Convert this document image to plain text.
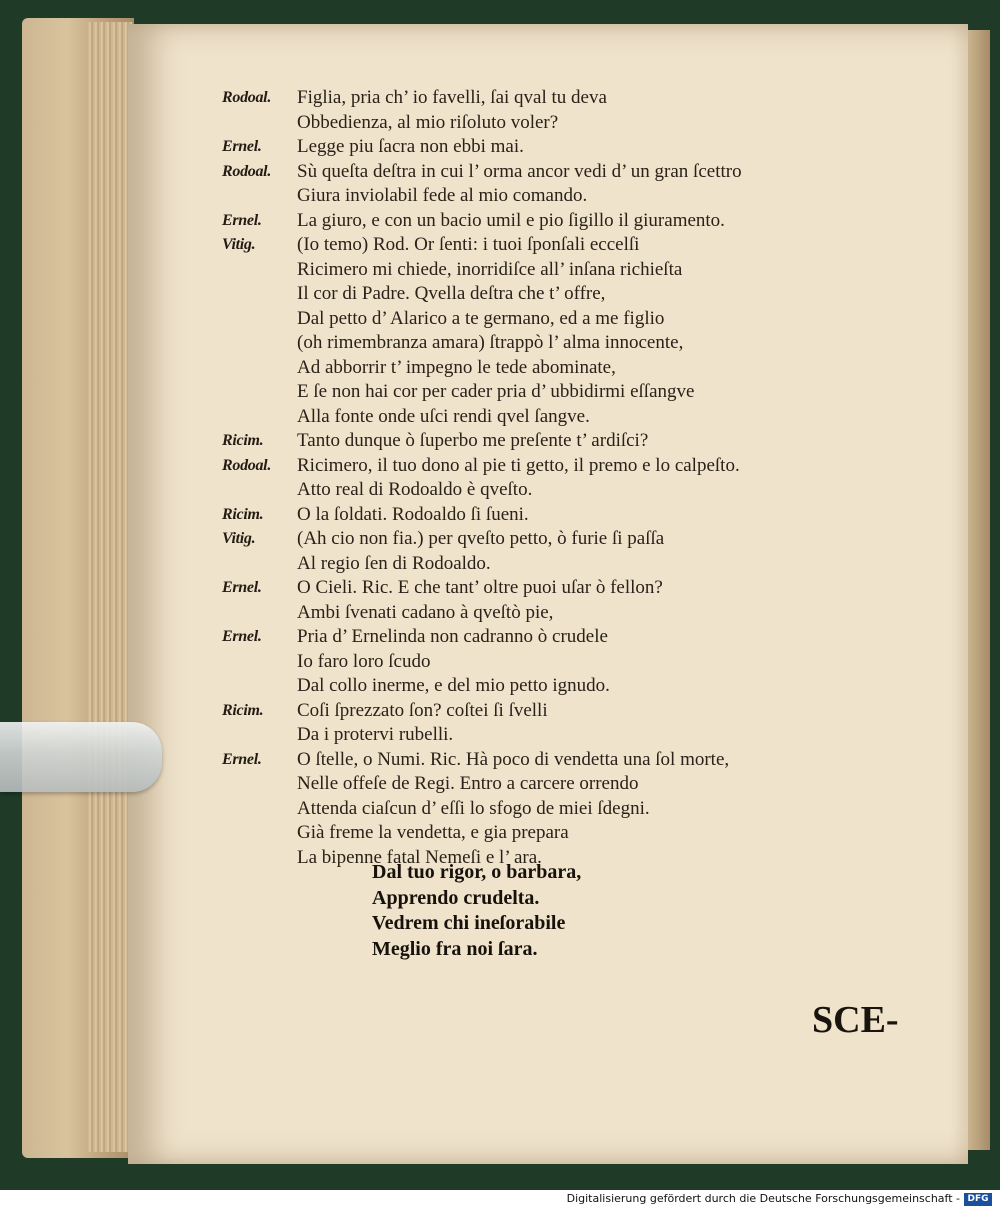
Rodoal. Figlia, pria ch’ io favelli, ſai qval tu deva
Obbedienza, al mio riſoluto voler?
Ernel. Legge piu ſacra non ebbi mai.
Rodoal. Sù queſta deſtra in cui l’ orma ancor vedi d’ un gran ſcettro
Giura inviolabil fede al mio comando.
Ernel. La giuro, e con un bacio umil e pio ſigillo il giuramento.
Vitig. (Io temo) Rod. Or ſenti: i tuoi ſponſali eccelſi
Ricimero mi chiede, inorridiſce all’ inſana richieſta
Il cor di Padre. Qvella deſtra che t’ offre,
Dal petto d’ Alarico a te germano, ed a me figlio
(oh rimembranza amara) ſtrappò l’ alma innocente,
Ad abborrir t’ impegno le tede abominate,
E ſe non hai cor per cader pria d’ ubbidirmi eſſangve
Alla fonte onde uſci rendi qvel ſangve.
Ricim. Tanto dunque ò ſuperbo me preſente t’ ardiſci?
Rodoal. Ricimero, il tuo dono al pie ti getto, il premo e lo calpeſto.
Atto real di Rodoaldo è qveſto.
Ricim. O la ſoldati. Rodoaldo ſi ſueni.
Vitig. (Ah cio non fia.) per qveſto petto, ò furie ſi paſſa
Al regio ſen di Rodoaldo.
Ernel. O Cieli. Ric. E che tant’ oltre puoi uſar ò fellon?
Ambi ſvenati cadano à qveſtò pie,
Ernel. Pria d’ Ernelinda non cadranno ò crudele
Io faro loro ſcudo
Dal collo inerme, e del mio petto ignudo.
Ricim. Coſi ſprezzato ſon? coſtei ſi ſvelli
Da i protervi rubelli.
Ernel. O ſtelle, o Numi. Ric. Hà poco di vendetta una ſol morte,
Nelle offeſe de Regi. Entro a carcere orrendo
Attenda ciaſcun d’ eſſi lo sfogo de miei ſdegni.
Già freme la vendetta, e gia prepara
La bipenne fatal Nemeſi e l’ ara.
Dal tuo rigor, o barbara,
Apprendo crudelta.
Vedrem chi ineſorabile
Meglio fra noi ſara.
SCE-
Digitalisierung gefördert durch die Deutsche Forschungsgemeinschaft - DFG
